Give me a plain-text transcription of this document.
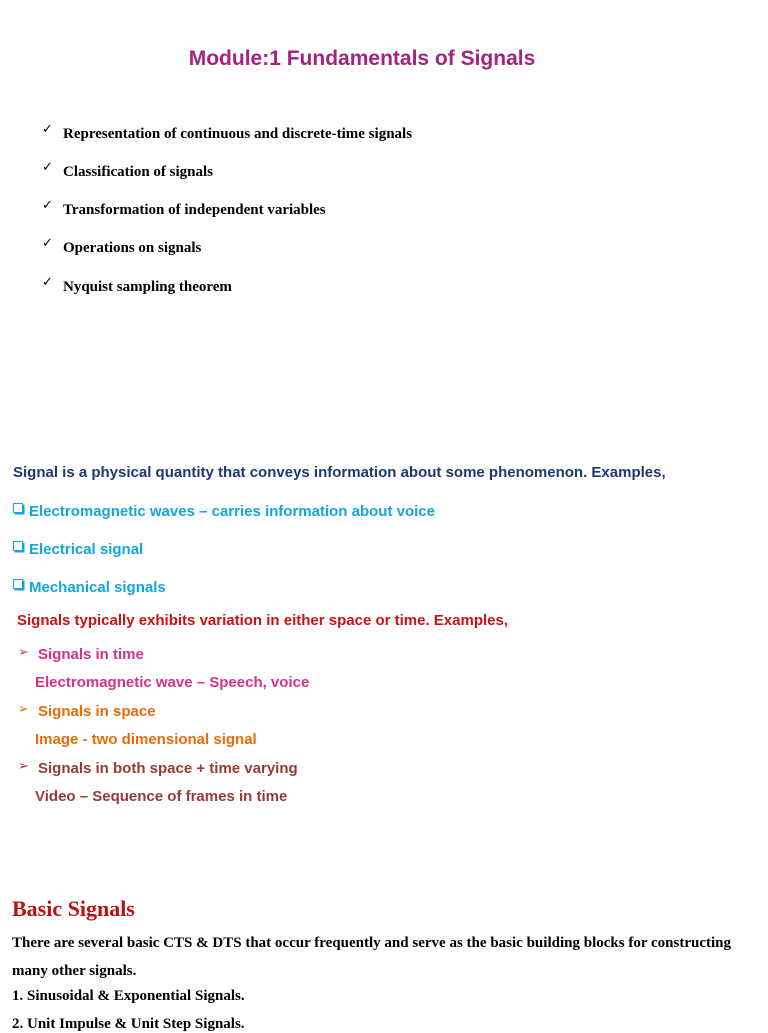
Module:1 Fundamentals of Signals
✓ Representation of continuous and discrete-time signals
✓ Classification of signals
✓ Transformation of independent variables
✓ Operations on signals
✓ Nyquist sampling theorem
Signal is a physical quantity that conveys information about some phenomenon. Examples,
Electromagnetic waves – carries information about voice
Electrical signal
Mechanical signals
Signals typically exhibits variation in either space or time. Examples,
➢ Signals in time
Electromagnetic wave – Speech, voice
➢ Signals in space
Image - two dimensional signal
➢ Signals in both space + time varying
Video – Sequence of frames in time
Basic Signals
There are several basic CTS & DTS that occur frequently and serve as the basic building blocks for constructing many other signals.
1. Sinusoidal & Exponential Signals.
2. Unit Impulse & Unit Step Signals.
